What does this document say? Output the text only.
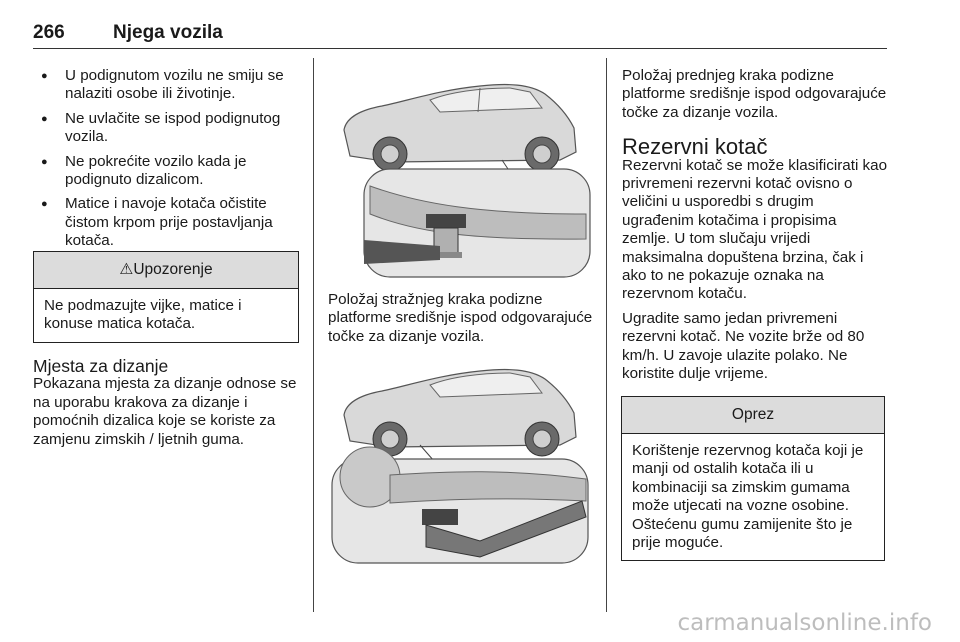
266	Njega vozila
● U podignutom vozilu ne smiju se nalaziti osobe ili životinje.
● Ne uvlačite se ispod podignutog vozila.
● Ne pokrećite vozilo kada je podignuto dizalicom.
● Matice i navoje kotača očistite čistom krpom prije postavljanja kotača.
⚠Upozorenje
Ne podmazujte vijke, matice i konuse matica kotača.

Mjesta za dizanje

Pokazana mjesta za dizanje odnose se na uporabu krakova za dizanje i pomoćnih dizalica koje se koriste za zamjenu zimskih / ljetnih guma.

Položaj stražnjeg kraka podizne platforme središnje ispod odgovarajuće točke za dizanje vozila.

Položaj prednjeg kraka podizne platforme središnje ispod odgovarajuće točke za dizanje vozila.

Rezervni kotač

Rezervni kotač se može klasificirati kao privremeni rezervni kotač ovisno o veličini u usporedbi s drugim ugrađenim kotačima i propisima zemlje. U tom slučaju vrijedi maksimalna dopuštena brzina, čak i ako to ne pokazuje oznaka na rezervnom kotaču.

Ugradite samo jedan privremeni rezervni kotač. Ne vozite brže od 80 km/h. U zavoje ulazite polako. Ne koristite dulje vrijeme.

Oprez
Korištenje rezervnog kotača koji je manji od ostalih kotača ili u kombinaciji sa zimskim gumama može utjecati na vozne osobine. Oštećenu gumu zamijenite što je prije moguće.
carmanualsonline.info
